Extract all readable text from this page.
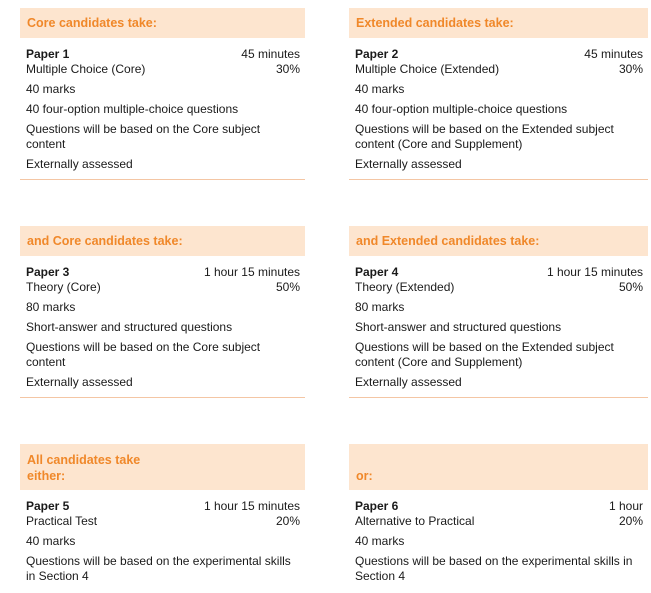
Core candidates take:
Paper 1	45 minutes
Multiple Choice (Core)	30%
40 marks
40 four-option multiple-choice questions
Questions will be based on the Core subject content
Externally assessed
Extended candidates take:
Paper 2	45 minutes
Multiple Choice (Extended)	30%
40 marks
40 four-option multiple-choice questions
Questions will be based on the Extended subject content (Core and Supplement)
Externally assessed
and Core candidates take:
Paper 3	1 hour 15 minutes
Theory (Core)	50%
80 marks
Short-answer and structured questions
Questions will be based on the Core subject content
Externally assessed
and Extended candidates take:
Paper 4	1 hour 15 minutes
Theory (Extended)	50%
80 marks
Short-answer and structured questions
Questions will be based on the Extended subject content (Core and Supplement)
Externally assessed
All candidates take either:
Paper 5	1 hour 15 minutes
Practical Test	20%
40 marks
Questions will be based on the experimental skills in Section 4
or:
Paper 6	1 hour
Alternative to Practical	20%
40 marks
Questions will be based on the experimental skills in Section 4
